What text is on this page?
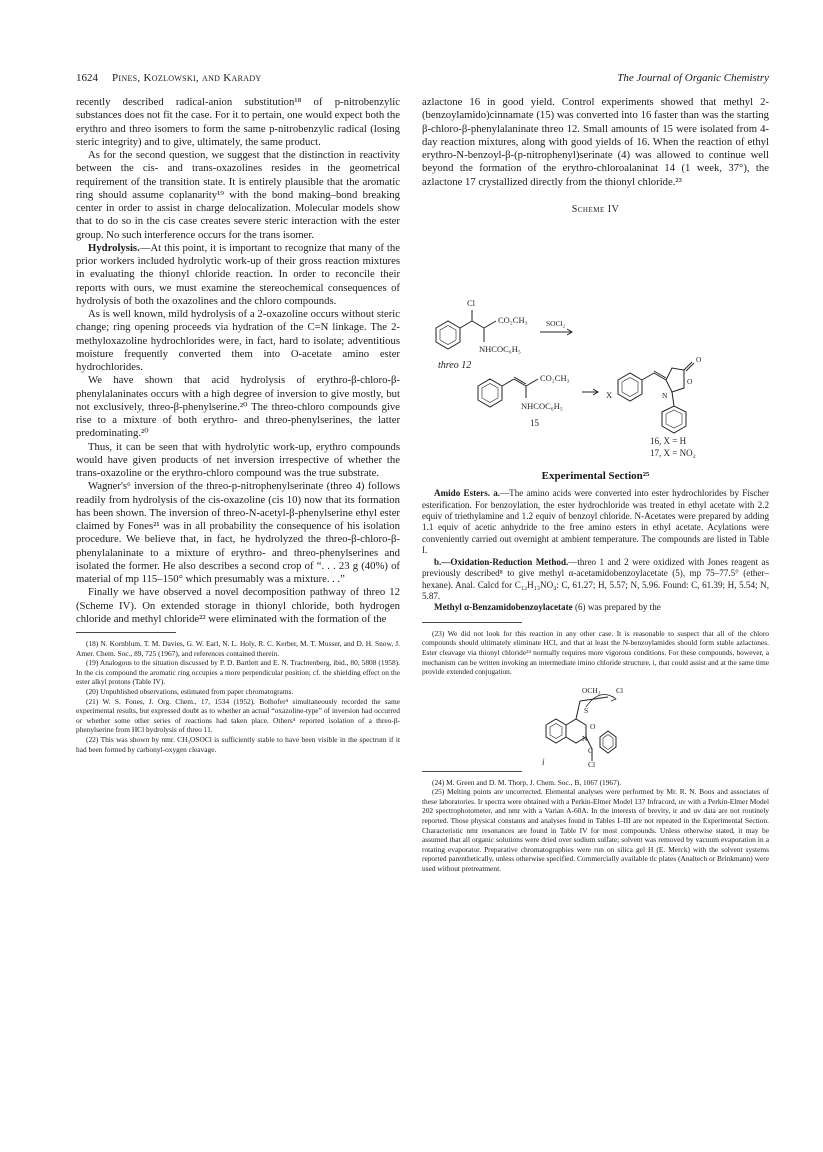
1624 Pines, Kozlowski, and Karady	The Journal of Organic Chemistry

recently described radical-anion substitution¹⁸ of p-nitrobenzylic substances does not fit the case. For it to pertain, one would expect both the erythro and threo isomers to form the same p-nitrobenzylic radical (losing steric integrity) and to give, ultimately, the same product.

As for the second question, we suggest that the distinction in reactivity between the cis- and trans-oxazolines resides in the geometrical requirement of the transition state. It is entirely plausible that the aromatic ring should assume coplanarity¹⁹ with the bond making–bond breaking center in order to assist in charge delocalization. Molecular models show that to do so in the cis case creates severe steric interaction with the ester group. No such interference occurs for the trans isomer.

Hydrolysis.—At this point, it is important to recognize that many of the prior workers included hydrolytic work-up of their gross reaction mixtures in evaluating the thionyl chloride reaction. In order to reconcile their reports with ours, we must examine the stereochemical consequences of hydrolysis of both the oxazolines and the chloro compounds.

As is well known, mild hydrolysis of a 2-oxazoline occurs without steric change; ring opening proceeds via hydration of the C=N linkage. The 2-methyloxazoline hydrochlorides were, in fact, hard to isolate; adventitious moisture frequently converted them into O-acetate amino ester hydrochlorides.

We have shown that acid hydrolysis of erythro-β-chloro-β-phenylalaninates occurs with a high degree of inversion to give mostly, but not exclusively, threo-β-phenylserine.²⁰ The threo-chloro compounds give rise to a mixture of both erythro- and threo-phenylserines, the latter predominating.²⁰

Thus, it can be seen that with hydrolytic work-up, erythro compounds would have given products of net inversion irrespective of whether the trans-oxazoline or the erythro-chloro compound was the true substrate.

Wagner's⁶ inversion of the threo-p-nitrophenylserinate (threo 4) follows readily from hydrolysis of the cis-oxazoline (cis 10) now that its formation has been shown. The inversion of threo-N-acetyl-β-phenylserine ethyl ester claimed by Fones²¹ was in all probability the consequence of his isolation procedure. We believe that, in fact, he hydrolyzed the threo-β-chloro-β-phenylalaninate to a mixture of erythro- and threo-phenylserines and isolated the former. He also describes a second crop of “. . . 23 g (40%) of material of mp 115–150° which presumably was a mixture. . .”

Finally we have observed a novel decomposition pathway of threo 12 (Scheme IV). On extended storage in thionyl chloride, both hydrogen chloride and methyl chloride²² were eliminated with the formation of the

(18) N. Kornblum, T. M. Davies, G. W. Earl, N. L. Holy, R. C. Kerber, M. T. Musser, and D. H. Snow, J. Amer. Chem. Soc., 89, 725 (1967), and references contained therein.

(19) Analogous to the situation discussed by P. D. Bartlett and E. N. Trachtenberg, ibid., 80, 5808 (1958). In the cis compound the aromatic ring occupies a more perpendicular position; cf. the shielding effect on the ester alkyl protons (Table IV).

(20) Unpublished observations, estimated from paper chromatograms.

(21) W. S. Fones, J. Org. Chem., 17, 1534 (1952). Bolhofer⁴ simultaneously recorded the same experimental results, but expressed doubt as to whether an actual “oxazoline-type” of inversion had occurred or whether some other series of reactions had taken place. Others⁴ reported isolation of a threo-β-phenylserine from HCl hydrolysis of threo 11.

(22) This was shown by nmr. CH₃OSOCl is sufficiently stable to have been visible in the spectrum if it had been formed by carbonyl-oxygen cleavage.

azlactone 16 in good yield. Control experiments showed that methyl 2-(benzoylamido)cinnamate (15) was converted into 16 faster than was the starting β-chloro-β-phenylalaninate threo 12. Small amounts of 15 were isolated from 4-day reaction mixtures, along with good yields of 16. When the reaction of ethyl erythro-N-benzoyl-β-(p-nitrophenyl)serinate (4) was allowed to continue well beyond the formation of the erythro-chloroalaninat 14 (1 week, 37°), the azlactone 17 crystallized directly from the thionyl chloride.²³

Scheme IV
Cl
CO₂CH₃
NHCOC₆H₅
SOCl₂
threo 12
CO₂CH₃
NHCOC₆H₅
15
X	N
O
O
16, X = H
17, X = NO₂
Experimental Section²⁵

Amido Esters. a.—The amino acids were converted into ester hydrochlorides by Fischer esterification. For benzoylation, the ester hydrochloride was treated in ethyl acetate with 2.2 equiv of triethylamine and 1.2 equiv of benzoyl chloride. N-Acetates were prepared by adding 1.1 equiv of acetic anhydride to the free amino esters in ethyl acetate. Acylations were conveniently carried out overnight at ambient temperature. The compounds are listed in Table I.

b.—Oxidation-Reduction Method.—threo 1 and 2 were oxidized with Jones reagent as previously described⁸ to give methyl α-acetamidobenzoylacetate (5), mp 75–77.5° (ether–hexane). Anal. Calcd for C₁₂H₁₃NO₄: C, 61.27; H, 5.57; N, 5.96. Found: C, 61.39; H, 5.54; N, 5.87.

Methyl α-Benzamidobenzoylacetate (6) was prepared by the

(23) We did not look for this reaction in any other case. It is reasonable to suspect that all of the chloro compounds should ultimately eliminate HCl, and that at least the N-benzoylamides should form stable azlactones. Ester cleavage via thionyl chloride²⁴ normally requires more vigorous conditions. For these compounds, however, a mechanism can be written invoking an intermediate imino chloride structure, i, that could assist and at the same time provide extended conjugation.

OCH₃ Cl
S
O
N
C
Cl
i

(24) M. Green and D. M. Thorp, J. Chem. Soc., B, 1067 (1967).

(25) Melting points are uncorrected. Elemental analyses were performed by Mr. R. N. Boos and associates of these laboratories. Ir spectra were obtained with a Perkin-Elmer Model 137 Infracord, uv with a Perkin-Elmer Model 202 spectrophotometer, and nmr with a Varian A-60A. In the interests of brevity, ir and uv data are not routinely reported. Those physical constants and analyses found in Tables I–III are not repeated in the Experimental Section. Characteristic nmr resonances are found in Table IV for most compounds. Unless otherwise stated, it may be assumed that all organic solutions were dried over sodium sulfate; solvent was removed by vacuum evaporation in a rotating evaporator. Preparative chromatographies were run on silica gel H (E. Merck) with the solvent systems reported parenthetically, unless otherwise specified. Commercially available tlc plates (Analtech or Brinkmann) were used without pretreatment.
